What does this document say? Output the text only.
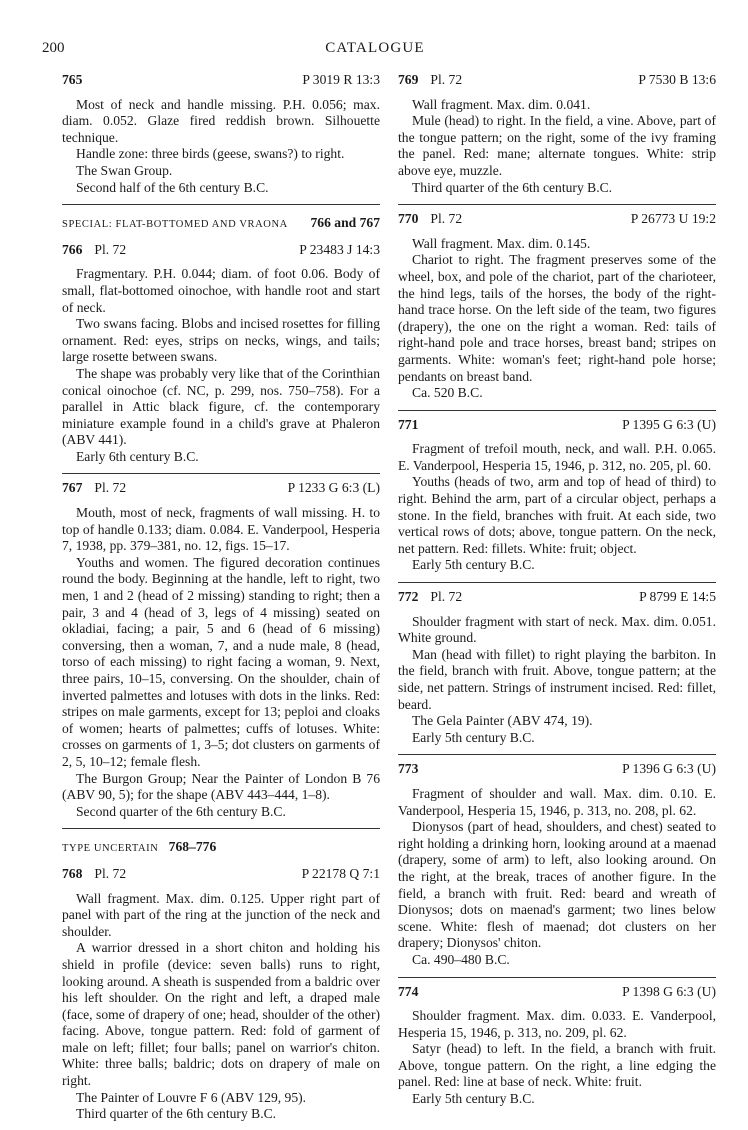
200	CATALOGUE
765	P 3019 R 13:3

Most of neck and handle missing. P.H. 0.056; max. diam. 0.052. Glaze fired reddish brown. Silhouette technique.

Handle zone: three birds (geese, swans?) to right.

The Swan Group.

Second half of the 6th century B.C.

SPECIAL: FLAT-BOTTOMED AND VRAONA 766 and 767
766 Pl. 72	P 23483 J 14:3

Fragmentary. P.H. 0.044; diam. of foot 0.06. Body of small, flat-bottomed oinochoe, with handle root and start of neck.

Two swans facing. Blobs and incised rosettes for filling ornament. Red: eyes, strips on necks, wings, and tails; large rosette between swans.

The shape was probably very like that of the Corinthian conical oinochoe (cf. NC, p. 299, nos. 750–758). For a parallel in Attic black figure, cf. the contemporary miniature example found in a child's grave at Phaleron (ABV 441).

Early 6th century B.C.

767 Pl. 72	P 1233 G 6:3 (L)

Mouth, most of neck, fragments of wall missing. H. to top of handle 0.133; diam. 0.084. E. Vanderpool, Hesperia 7, 1938, pp. 379–381, no. 12, figs. 15–17.

Youths and women. The figured decoration continues round the body. Beginning at the handle, left to right, two men, 1 and 2 (head of 2 missing) standing to right; then a pair, 3 and 4 (head of 3, legs of 4 missing) seated on okladiai, facing; a pair, 5 and 6 (head of 6 missing) conversing, then a woman, 7, and a nude male, 8 (head, torso of each missing) to right facing a woman, 9. Next, three pairs, 10–15, conversing. On the shoulder, chain of inverted palmettes and lotuses with dots in the links. Red: stripes on male garments, except for 13; peplоi and cloaks of women; hearts of palmettes; cuffs of lotuses. White: crosses on garments of 1, 3–5; dot clusters on garments of 2, 5, 10–12; female flesh.

The Burgon Group; Near the Painter of London B 76 (ABV 90, 5); for the shape (ABV 443–444, 1–8).

Second quarter of the 6th century B.C.

TYPE UNCERTAIN 768–776
768 Pl. 72	P 22178 Q 7:1

Wall fragment. Max. dim. 0.125. Upper right part of panel with part of the ring at the junction of the neck and shoulder.

A warrior dressed in a short chiton and holding his shield in profile (device: seven balls) runs to right, looking around. A sheath is suspended from a baldric over his left shoulder. On the right and left, a draped male (face, some of drapery of one; head, shoulder of the other) facing. Above, tongue pattern. Red: fold of garment of male on left; fillet; four balls; panel on warrior's chiton. White: three balls; baldric; dots on drapery of male on right.

The Painter of Louvre F 6 (ABV 129, 95).

Third quarter of the 6th century B.C.

769 Pl. 72	P 7530 B 13:6

Wall fragment. Max. dim. 0.041.

Mule (head) to right. In the field, a vine. Above, part of the tongue pattern; on the right, some of the ivy framing the panel. Red: mane; alternate tongues. White: strip above eye, muzzle.

Third quarter of the 6th century B.C.

770 Pl. 72	P 26773 U 19:2

Wall fragment. Max. dim. 0.145.

Chariot to right. The fragment preserves some of the wheel, box, and pole of the chariot, part of the charioteer, the hind legs, tails of the horses, the body of the right-hand trace horse. On the left side of the team, two figures (drapery), the one on the right a woman. Red: tails of right-hand pole and trace horses, breast band; stripes on garments. White: woman's feet; right-hand pole horse; pendants on breast band.

Ca. 520 B.C.

771	P 1395 G 6:3 (U)

Fragment of trefoil mouth, neck, and wall. P.H. 0.065. E. Vanderpool, Hesperia 15, 1946, p. 312, no. 205, pl. 60.

Youths (heads of two, arm and top of head of third) to right. Behind the arm, part of a circular object, perhaps a stone. In the field, branches with fruit. At each side, two vertical rows of dots; above, tongue pattern. On the neck, net pattern. Red: fillets. White: fruit; object.

Early 5th century B.C.

772 Pl. 72	P 8799 E 14:5

Shoulder fragment with start of neck. Max. dim. 0.051. White ground.

Man (head with fillet) to right playing the barbiton. In the field, branch with fruit. Above, tongue pattern; at the side, net pattern. Strings of instrument incised. Red: fillet, beard.

The Gela Painter (ABV 474, 19).

Early 5th century B.C.

773	P 1396 G 6:3 (U)

Fragment of shoulder and wall. Max. dim. 0.10. E. Vanderpool, Hesperia 15, 1946, p. 313, no. 208, pl. 62.

Dionysos (part of head, shoulders, and chest) seated to right holding a drinking horn, looking around at a maenad (drapery, some of arm) to left, also looking around. On the right, at the break, traces of another figure. In the field, a branch with fruit. Red: beard and wreath of Dionysos; dots on maenad's garment; two lines below scene. White: flesh of maenad; dot clusters on her drapery; Dionysos' chiton.

Ca. 490–480 B.C.

774	P 1398 G 6:3 (U)

Shoulder fragment. Max. dim. 0.033. E. Vanderpool, Hesperia 15, 1946, p. 313, no. 209, pl. 62.

Satyr (head) to left. In the field, a branch with fruit. Above, tongue pattern. On the right, a line edging the panel. Red: line at base of neck. White: fruit.

Early 5th century B.C.
